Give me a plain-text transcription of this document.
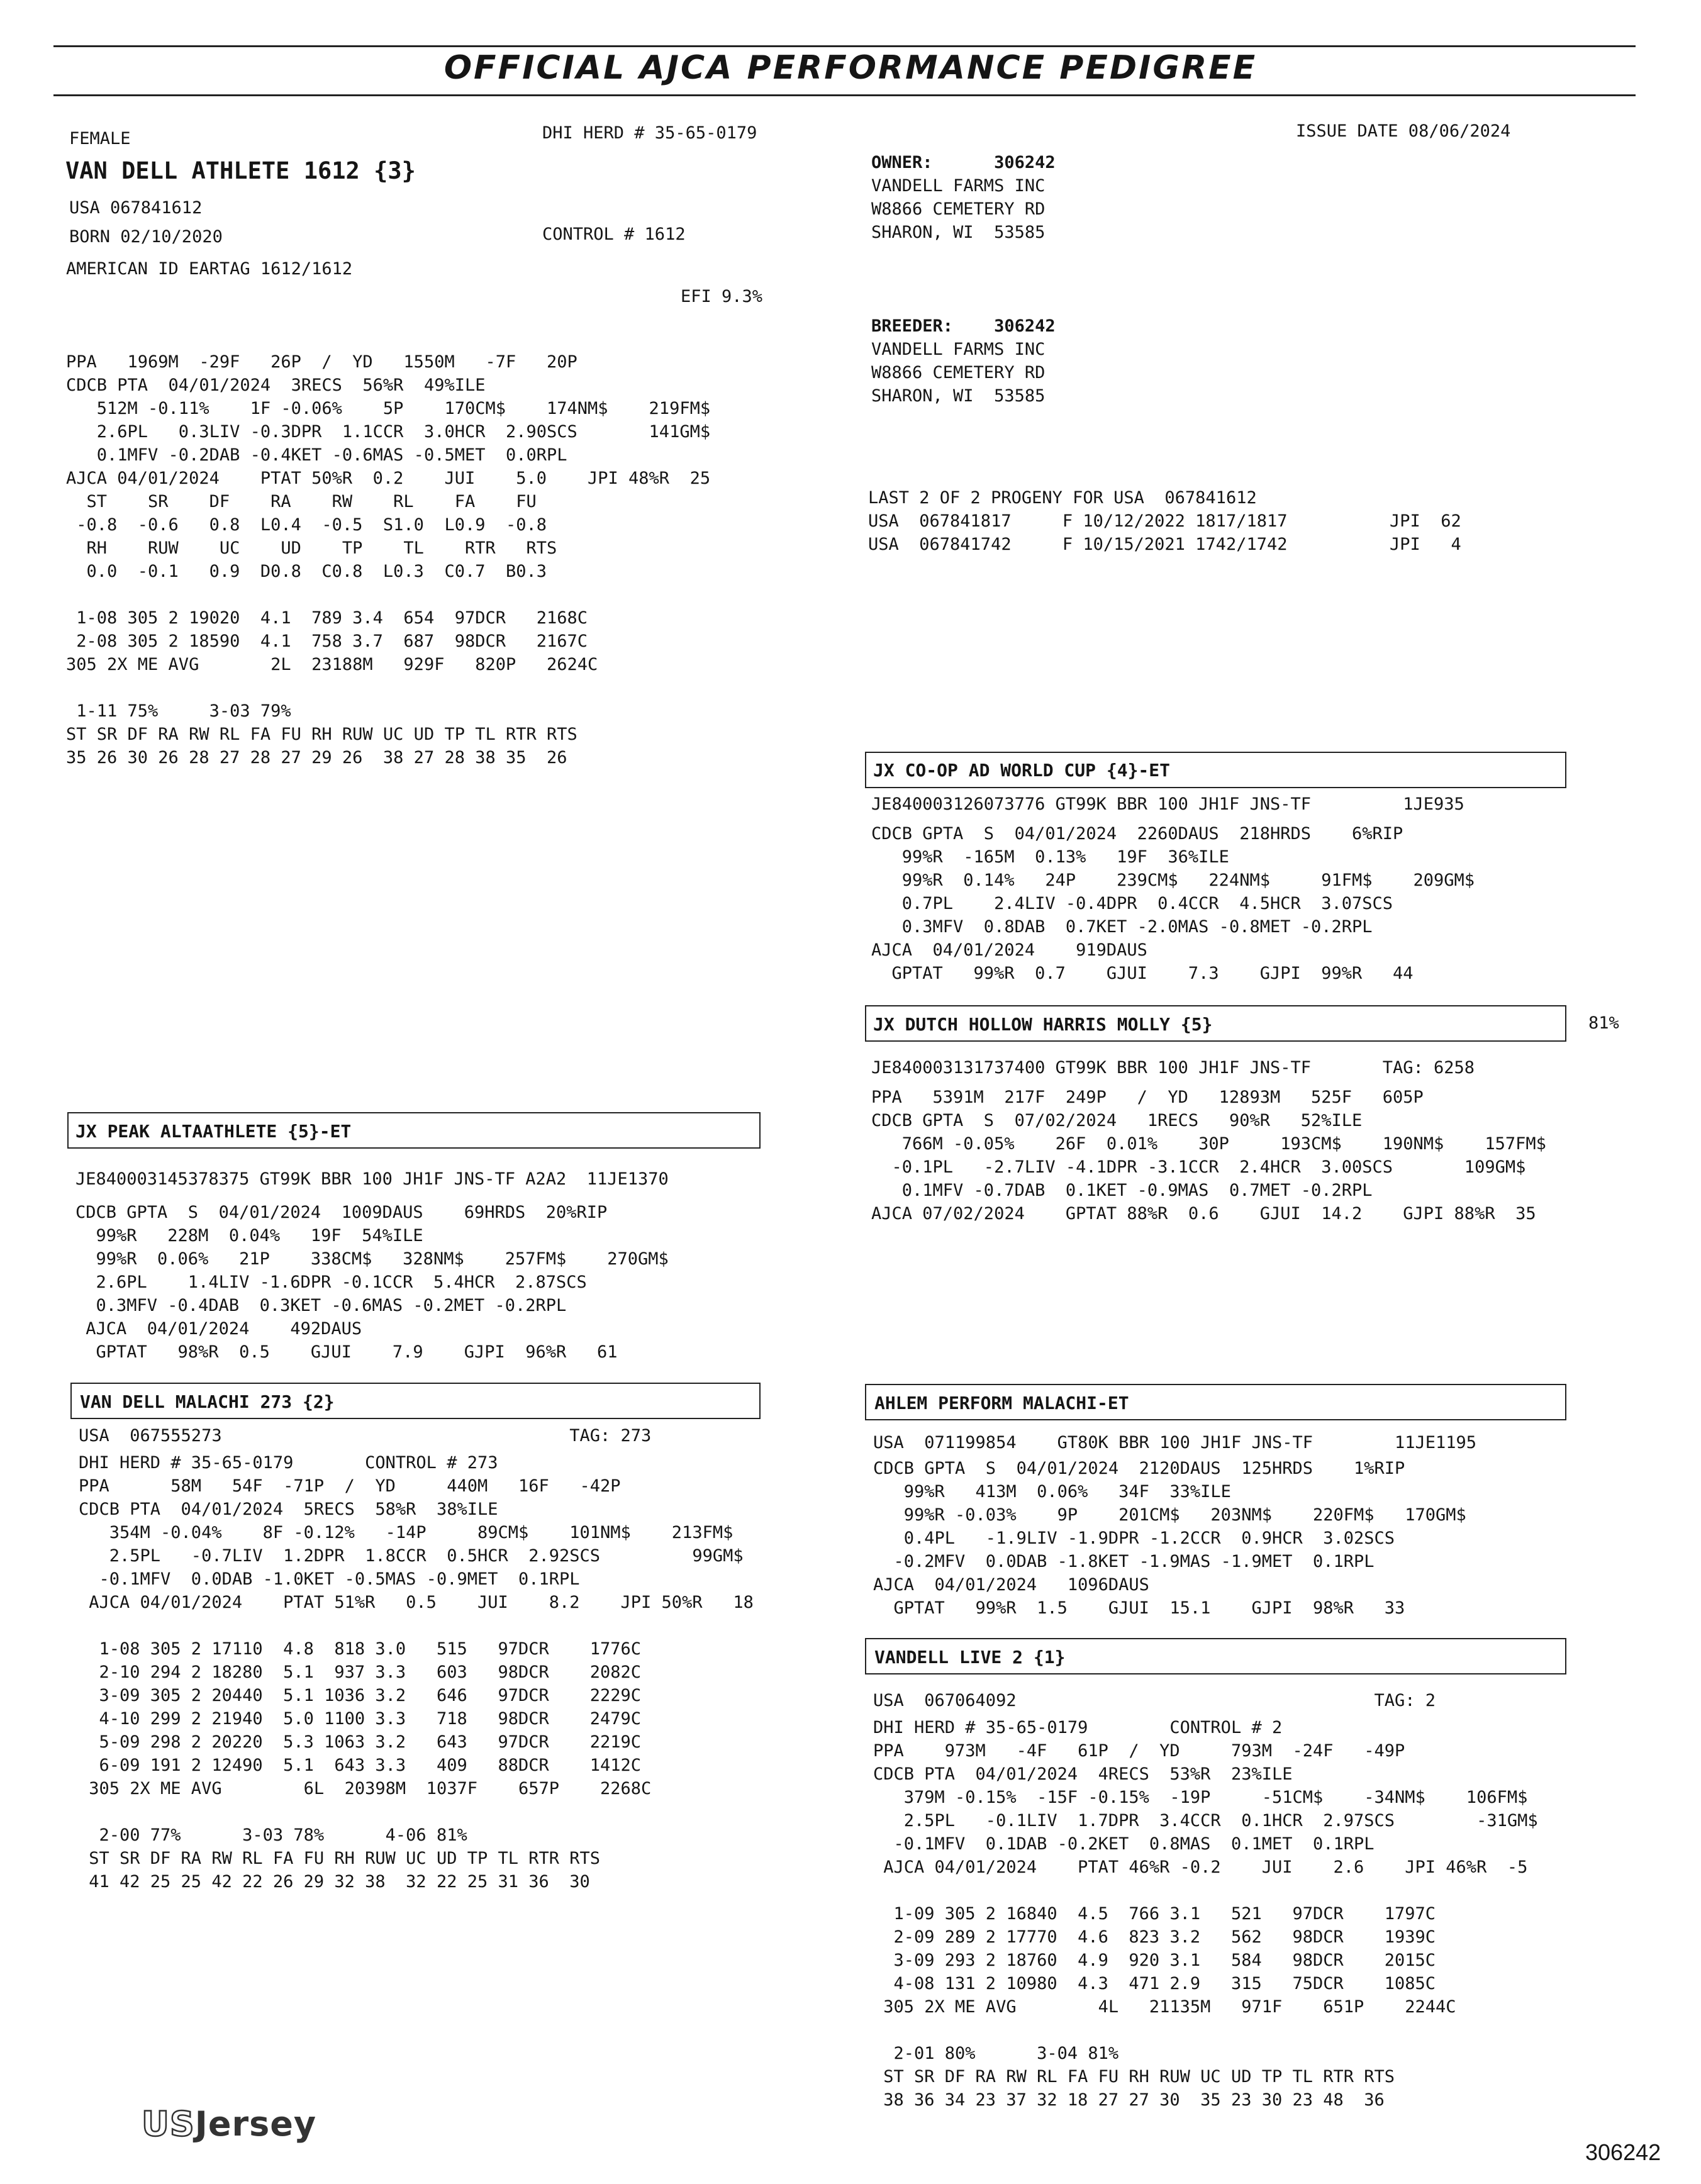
OFFICIAL AJCA PERFORMANCE PEDIGREE
FEMALE	DHI HERD # 35-65-0179	ISSUE DATE 08/06/2024
VAN DELL ATHLETE 1612 {3}
USA 067841612
BORN 02/10/2020	CONTROL # 1612
AMERICAN ID EARTAG 1612/1612
EFI 9.3%
PPA   1969M  -29F   26P  /  YD   1550M   -7F   20P
CDCB PTA  04/01/2024  3RECS  56%R  49%ILE
512M -0.11%    1F -0.06%    5P    170CM$    174NM$    219FM$
2.6PL   0.3LIV -0.3DPR  1.1CCR  3.0HCR  2.90SCS       141GM$
0.1MFV -0.2DAB -0.4KET -0.6MAS -0.5MET  0.0RPL
AJCA 04/01/2024    PTAT 50%R  0.2    JUI    5.0    JPI 48%R  25
ST    SR    DF    RA    RW    RL    FA    FU
-0.8  -0.6   0.8  L0.4  -0.5  S1.0  L0.9  -0.8
RH    RUW    UC    UD    TP    TL    RTR   RTS
0.0  -0.1   0.9  D0.8  C0.8  L0.3  C0.7  B0.3

1-08 305 2 19020  4.1  789 3.4  654  97DCR   2168C
2-08 305 2 18590  4.1  758 3.7  687  98DCR   2167C
305 2X ME AVG       2L  23188M   929F   820P   2624C

1-11 75%     3-03 79%
ST SR DF RA RW RL FA FU RH RUW UC UD TP TL RTR RTS
35 26 30 26 28 27 28 27 29 26  38 27 28 38 35  26
OWNER:	306242
VANDELL FARMS INC
W8866 CEMETERY RD
SHARON, WI  53585
BREEDER: 306242
VANDELL FARMS INC
W8866 CEMETERY RD
SHARON, WI  53585
LAST 2 OF 2 PROGENY FOR USA  067841612
USA  067841817     F 10/12/2022 1817/1817          JPI  62
USA  067841742     F 10/15/2021 1742/1742          JPI   4
JX CO-OP AD WORLD CUP {4}-ET
JE840003126073776 GT99K BBR 100 JH1F JNS-TF         1JE935

CDCB GPTA  S  04/01/2024  2260DAUS  218HRDS    6%RIP
99%R  -165M  0.13%   19F  36%ILE
99%R  0.14%   24P    239CM$   224NM$     91FM$    209GM$
0.7PL    2.4LIV -0.4DPR  0.4CCR  4.5HCR  3.07SCS
0.3MFV  0.8DAB  0.7KET -2.0MAS -0.8MET -0.2RPL
AJCA  04/01/2024    919DAUS
GPTAT   99%R  0.7    GJUI    7.3    GJPI  99%R   44
JX DUTCH HOLLOW HARRIS MOLLY {5}	81%
JE840003131737400 GT99K BBR 100 JH1F JNS-TF       TAG: 6258

PPA   5391M  217F  249P   /  YD   12893M   525F   605P
CDCB GPTA  S  07/02/2024   1RECS   90%R   52%ILE
766M -0.05%    26F  0.01%    30P     193CM$    190NM$    157FM$
-0.1PL   -2.7LIV -4.1DPR -3.1CCR  2.4HCR  3.00SCS       109GM$
0.1MFV -0.7DAB  0.1KET -0.9MAS  0.7MET -0.2RPL
AJCA 07/02/2024    GPTAT 88%R  0.6    GJUI  14.2    GJPI 88%R  35
JX PEAK ALTAATHLETE {5}-ET
JE840003145378375 GT99K BBR 100 JH1F JNS-TF A2A2  11JE1370

CDCB GPTA  S  04/01/2024  1009DAUS    69HRDS  20%RIP
99%R   228M  0.04%   19F  54%ILE
99%R  0.06%   21P    338CM$   328NM$    257FM$    270GM$
2.6PL    1.4LIV -1.6DPR -0.1CCR  5.4HCR  2.87SCS
0.3MFV -0.4DAB  0.3KET -0.6MAS -0.2MET -0.2RPL
AJCA  04/01/2024    492DAUS
GPTAT   98%R  0.5    GJUI    7.9    GJPI  96%R   61
VAN DELL MALACHI 273 {2}
USA  067555273                                  TAG: 273

DHI HERD # 35-65-0179       CONTROL # 273
PPA      58M   54F  -71P  /  YD     440M   16F   -42P
CDCB PTA  04/01/2024  5RECS  58%R  38%ILE
354M -0.04%    8F -0.12%   -14P     89CM$    101NM$    213FM$
2.5PL   -0.7LIV  1.2DPR  1.8CCR  0.5HCR  2.92SCS         99GM$
-0.1MFV  0.0DAB -1.0KET -0.5MAS -0.9MET  0.1RPL
AJCA 04/01/2024    PTAT 51%R   0.5    JUI    8.2    JPI 50%R   18

1-08 305 2 17110  4.8  818 3.0   515   97DCR    1776C
2-10 294 2 18280  5.1  937 3.3   603   98DCR    2082C
3-09 305 2 20440  5.1 1036 3.2   646   97DCR    2229C
4-10 299 2 21940  5.0 1100 3.3   718   98DCR    2479C
5-09 298 2 20220  5.3 1063 3.2   643   97DCR    2219C
6-09 191 2 12490  5.1  643 3.3   409   88DCR    1412C
305 2X ME AVG        6L  20398M  1037F    657P    2268C

2-00 77%      3-03 78%      4-06 81%
ST SR DF RA RW RL FA FU RH RUW UC UD TP TL RTR RTS
41 42 25 25 42 22 26 29 32 38  32 22 25 31 36  30
AHLEM PERFORM MALACHI-ET
USA  071199854    GT80K BBR 100 JH1F JNS-TF        11JE1195

CDCB GPTA  S  04/01/2024  2120DAUS  125HRDS    1%RIP
99%R   413M  0.06%   34F  33%ILE
99%R -0.03%    9P    201CM$   203NM$    220FM$   170GM$
0.4PL   -1.9LIV -1.9DPR -1.2CCR  0.9HCR  3.02SCS
-0.2MFV  0.0DAB -1.8KET -1.9MAS -1.9MET  0.1RPL
AJCA  04/01/2024   1096DAUS
GPTAT   99%R  1.5    GJUI  15.1    GJPI  98%R   33
VANDELL LIVE 2 {1}
USA  067064092                                   TAG: 2

DHI HERD # 35-65-0179        CONTROL # 2
PPA    973M   -4F   61P  /  YD     793M  -24F   -49P
CDCB PTA  04/01/2024  4RECS  53%R  23%ILE
379M -0.15%  -15F -0.15%  -19P     -51CM$    -34NM$    106FM$
2.5PL   -0.1LIV  1.7DPR  3.4CCR  0.1HCR  2.97SCS        -31GM$
-0.1MFV  0.1DAB -0.2KET  0.8MAS  0.1MET  0.1RPL
AJCA 04/01/2024    PTAT 46%R -0.2    JUI    2.6    JPI 46%R  -5

1-09 305 2 16840  4.5  766 3.1   521   97DCR    1797C
2-09 289 2 17770  4.6  823 3.2   562   98DCR    1939C
3-09 293 2 18760  4.9  920 3.1   584   98DCR    2015C
4-08 131 2 10980  4.3  471 2.9   315   75DCR    1085C
305 2X ME AVG        4L   21135M   971F    651P    2244C

2-01 80%      3-04 81%
ST SR DF RA RW RL FA FU RH RUW UC UD TP TL RTR RTS
38 36 34 23 37 32 18 27 27 30  35 23 30 23 48  36
USJersey
306242
